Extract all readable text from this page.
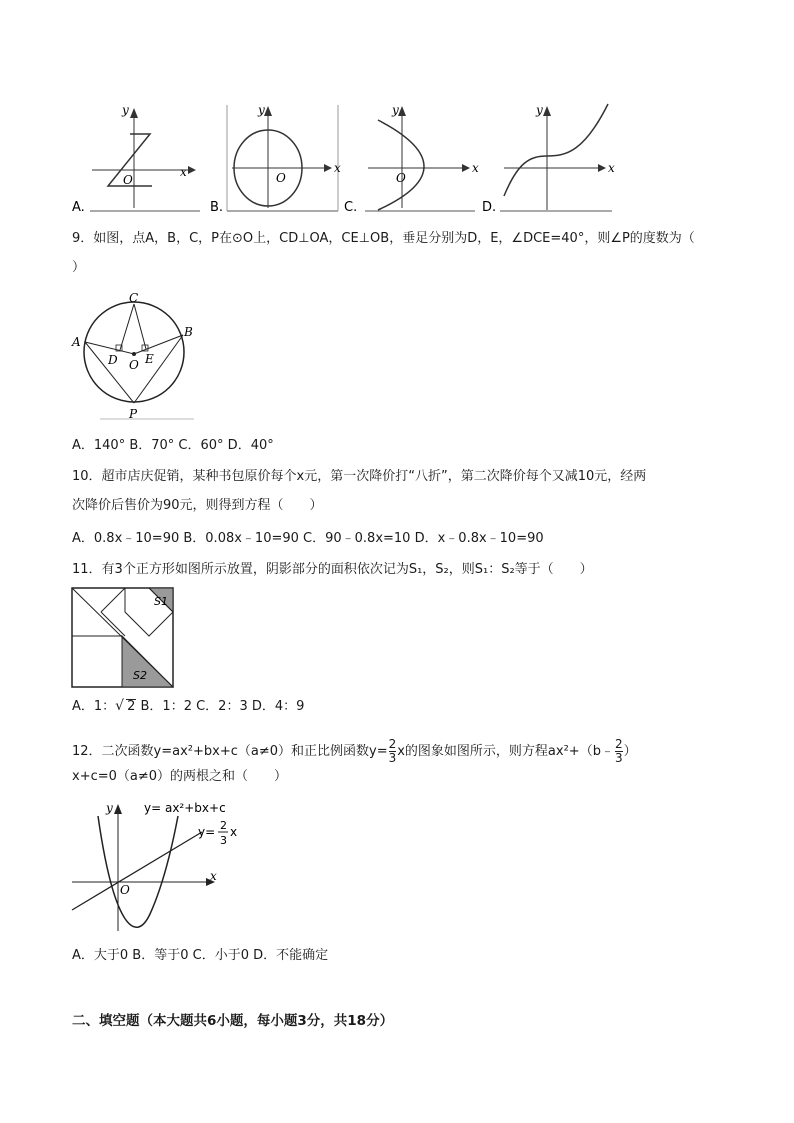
x
y
O
x
y
O
x
y
O
x
y
A.	B.	C.	D.
9．如图，点A，B，C，P在⊙O上，CD⊥OA，CE⊥OB，垂足分别为D，E，∠DCE=40°，则∠P的度数为（
）
C
A
B
D E
O
P
A．140° B．70° C．60° D．40°
10．超市店庆促销，某种书包原价每个x元，第一次降价打“八折”，第二次降价每个又减10元，经两
次降价后售价为90元，则得到方程（　　）
A．0.8x﹣10=90 B．0.08x﹣10=90 C．90﹣0.8x=10 D．x﹣0.8x﹣10=90
11．有3个正方形如图所示放置，阴影部分的面积依次记为S₁，S₂，则S₁：S₂等于（　　）
S1
S2
A．1：√ 2 B．1：2 C．2：3 D．4：9
12．二次函数y=ax²+bx+c（a≠0）和正比例函数$y= \frac{2}{3}$ x的图象如图所示，则方程ax²+（b﹣ $\frac{2}{3}$ ）
x+c=0（a≠0）的两根之和（　　）
x
y
O
y= ax²+bx+c
y= 2
3
x
A．大于0 B．等于0 C．小于0 D．不能确定
二、填空题（本大题共6小题，每小题3分，共18分）
